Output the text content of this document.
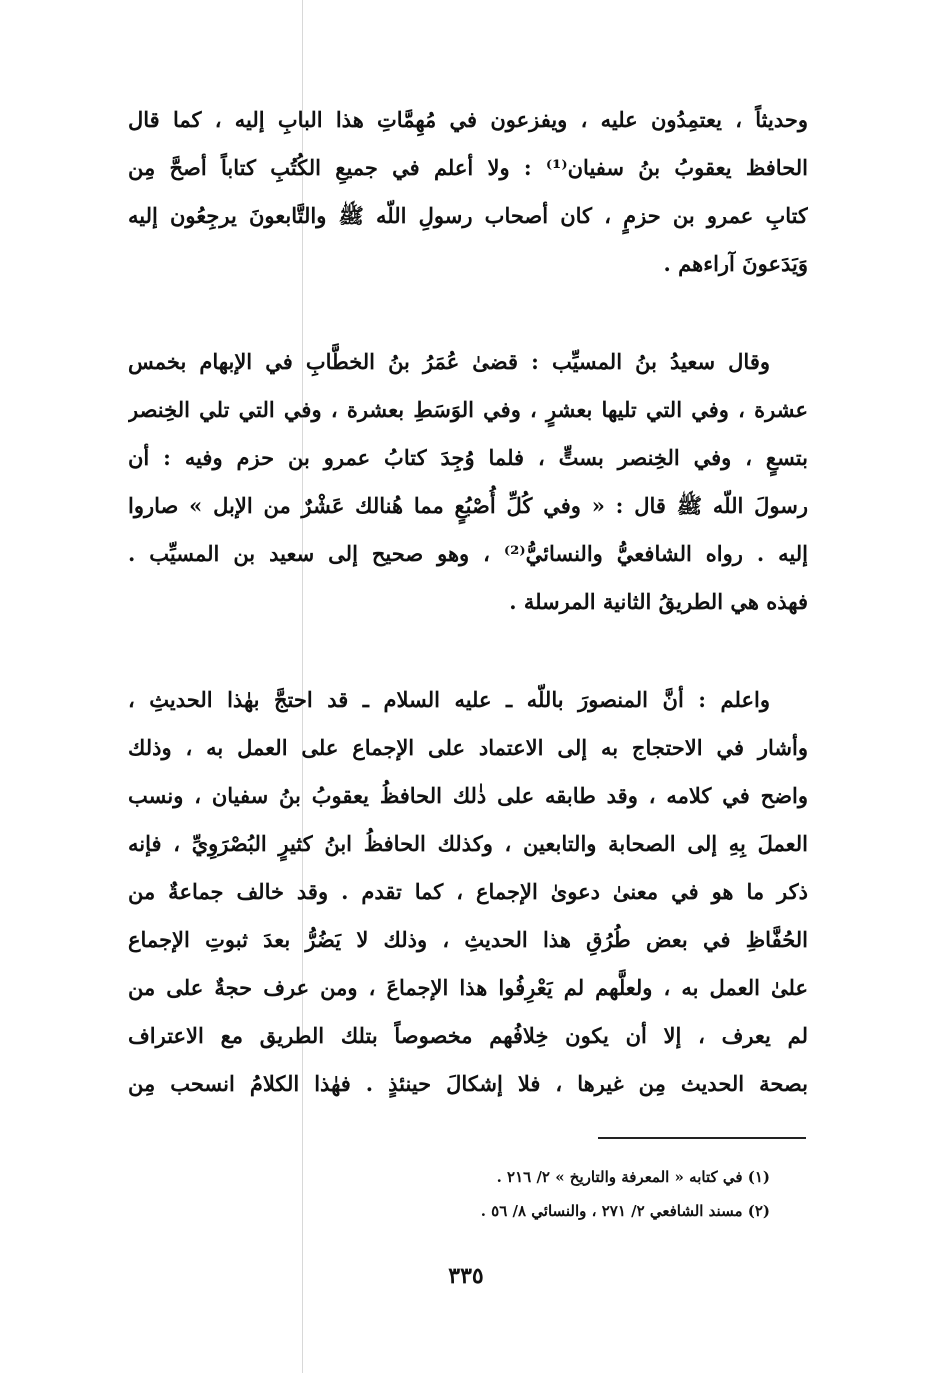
وحديثاً ، يعتمِدُون عليه ، ويفزعون في مُهِمَّاتِ هذا البابِ إليه ، كما قال
الحافظ يعقوبُ بنُ سفيان⁽¹⁾ : ولا أعلم في جميعِ الكُتُبِ كتاباً أصحَّ مِن
كتابِ عمرو بن حزمٍ ، كان أصحاب رسولِ اللّه ﷺ والتَّابعونَ يرجِعُون إليه
وَيَدَعونَ آراءهم .

وقال سعيدُ بنُ المسيِّب : قضىٰ عُمَرُ بنُ الخطَّابِ في الإبهام بخمس
عشرة ، وفي التي تليها بعشرٍ ، وفي الوَسَطِ بعشرة ، وفي التي تلي الخِنصر
بتسعٍ ، وفي الخِنصر بستٍّ ، فلما وُجِدَ كتابُ عمرو بن حزم وفيه : أن
رسولَ اللّه ﷺ قال : « وفي كُلِّ أُصْبُعٍ مما هُنالك عَشْرٌ من الإبل » صاروا
إليه . رواه الشافعيُّ والنسائيُّ⁽²⁾ ، وهو صحيح إلى سعيد بن المسيِّب .
فهذه هي الطريقُ الثانية المرسلة .

واعلم : أنَّ المنصورَ باللّه ـ عليه السلام ـ قد احتجَّ بهٰذا الحديثِ ،
وأشار في الاحتجاج به إلى الاعتماد على الإجماع على العمل به ، وذلك
واضح في كلامه ، وقد طابقه على ذٰلك الحافظُ يعقوبُ بنُ سفيان ، ونسب
العملَ بِهِ إلى الصحابة والتابعين ، وكذلك الحافظُ ابنُ كثيرٍ البُصْرَوِيِّ ، فإنه
ذكر ما هو في معنىٰ دعوىٰ الإجماع ، كما تقدم . وقد خالف جماعةٌ من
الحُفَّاظِ في بعض طُرُقِ هذا الحديثِ ، وذلك لا يَضُرُّ بعدَ ثبوتِ الإجماع
علىٰ العمل به ، ولعلَّهم لم يَعْرِفُوا هذا الإجماعَ ، ومن عرف حجةٌ على من
لم يعرف ، إلا أن يكون خِلافُهم مخصوصاً بتلك الطريق مع الاعتراف
بصحة الحديث مِن غيرها ، فلا إشكالَ حينئذٍ . فهٰذا الكلامُ انسحب مِن

(١) في كتابه « المعرفة والتاريخ » ٢/ ٢١٦ .
(٢) مسند الشافعي ٢/ ٢٧١ ، والنسائي ٨/ ٥٦ .
٣٣٥
